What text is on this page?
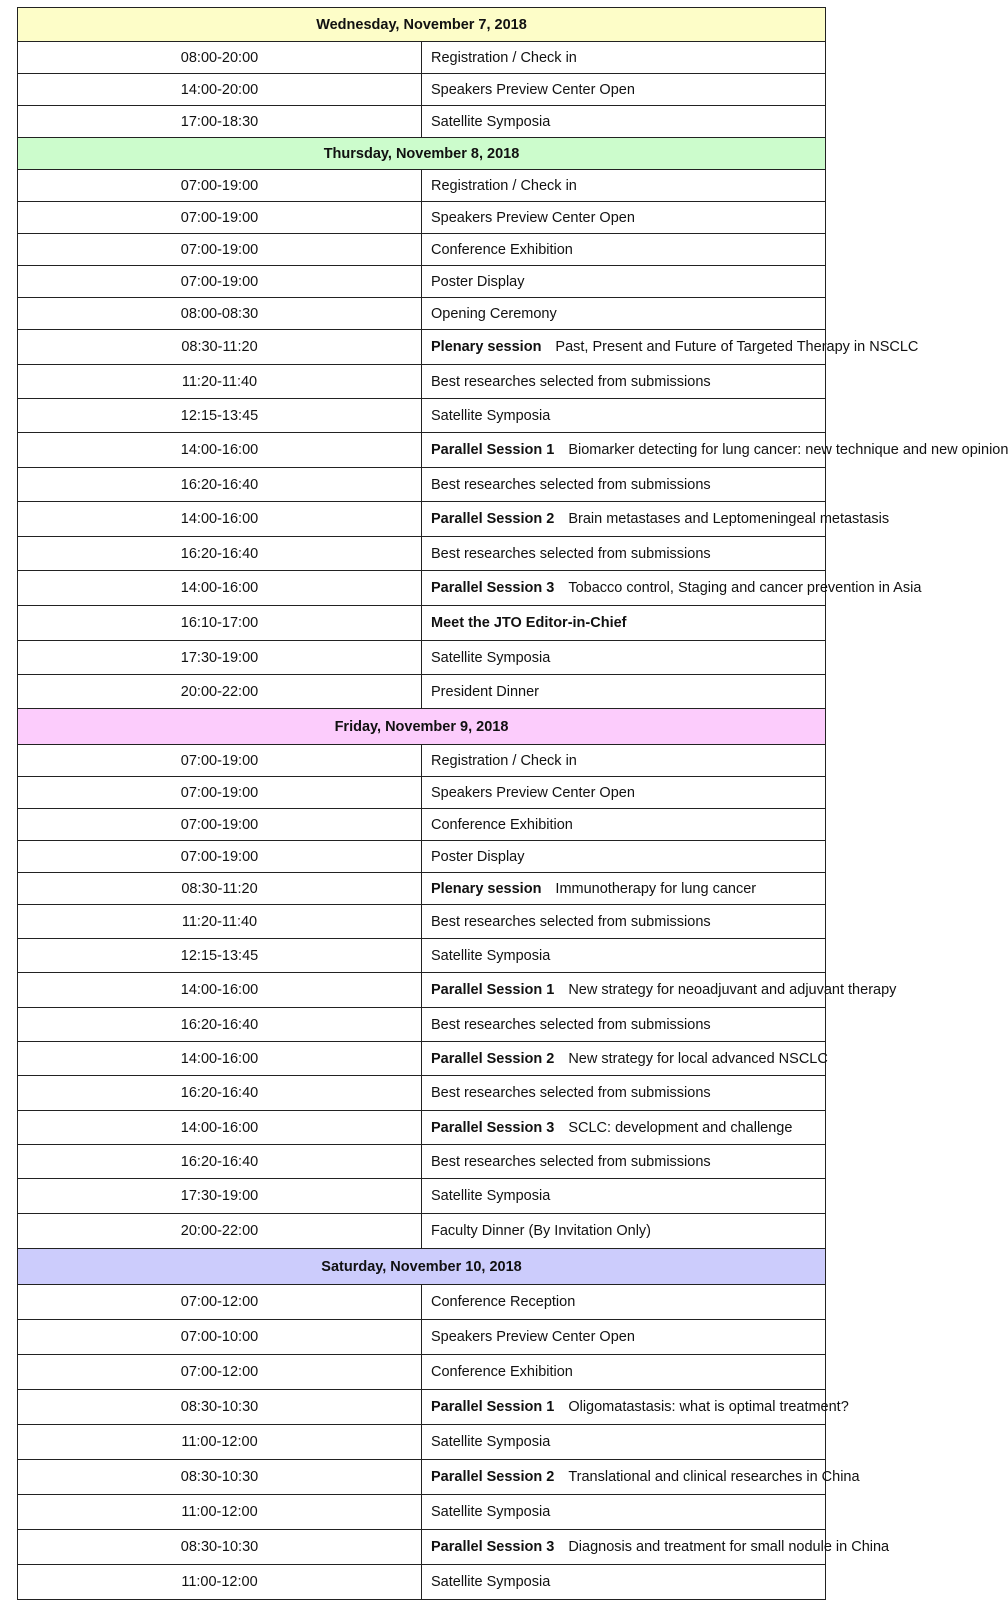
Wednesday, November 7, 2018	
08:00-20:00	Registration / Check in
14:00-20:00	Speakers Preview Center Open
17:00-18:30	Satellite Symposia
Thursday, November 8, 2018	
07:00-19:00	Registration / Check in
07:00-19:00	Speakers Preview Center Open
07:00-19:00	Conference Exhibition
07:00-19:00	Poster Display
08:00-08:30	Opening Ceremony
08:30-11:20	Plenary session Past, Present and Future of Targeted Therapy in NSCLC
11:20-11:40	Best researches selected from submissions
12:15-13:45	Satellite Symposia
14:00-16:00	Parallel Session 1 Biomarker detecting for lung cancer: new technique and new opinion
16:20-16:40	Best researches selected from submissions
14:00-16:00	Parallel Session 2 Brain metastases and Leptomeningeal metastasis
16:20-16:40	Best researches selected from submissions
14:00-16:00	Parallel Session 3 Tobacco control, Staging and cancer prevention in Asia
16:10-17:00	Meet the JTO Editor-in-Chief
17:30-19:00	Satellite Symposia
20:00-22:00	President Dinner
Friday, November 9, 2018	
07:00-19:00	Registration / Check in
07:00-19:00	Speakers Preview Center Open
07:00-19:00	Conference Exhibition
07:00-19:00	Poster Display
08:30-11:20	Plenary session Immunotherapy for lung cancer
11:20-11:40	Best researches selected from submissions
12:15-13:45	Satellite Symposia
14:00-16:00	Parallel Session 1 New strategy for neoadjuvant and adjuvant therapy
16:20-16:40	Best researches selected from submissions
14:00-16:00	Parallel Session 2 New strategy for local advanced NSCLC
16:20-16:40	Best researches selected from submissions
14:00-16:00	Parallel Session 3 SCLC: development and challenge
16:20-16:40	Best researches selected from submissions
17:30-19:00	Satellite Symposia
20:00-22:00	Faculty Dinner (By Invitation Only)
Saturday, November 10, 2018	
07:00-12:00	Conference Reception
07:00-10:00	Speakers Preview Center Open
07:00-12:00	Conference Exhibition
08:30-10:30	Parallel Session 1 Oligomatastasis: what is optimal treatment?
11:00-12:00	Satellite Symposia
08:30-10:30	Parallel Session 2 Translational and clinical researches in China
11:00-12:00	Satellite Symposia
08:30-10:30	Parallel Session 3 Diagnosis and treatment for small nodule in China
11:00-12:00	Satellite Symposia
